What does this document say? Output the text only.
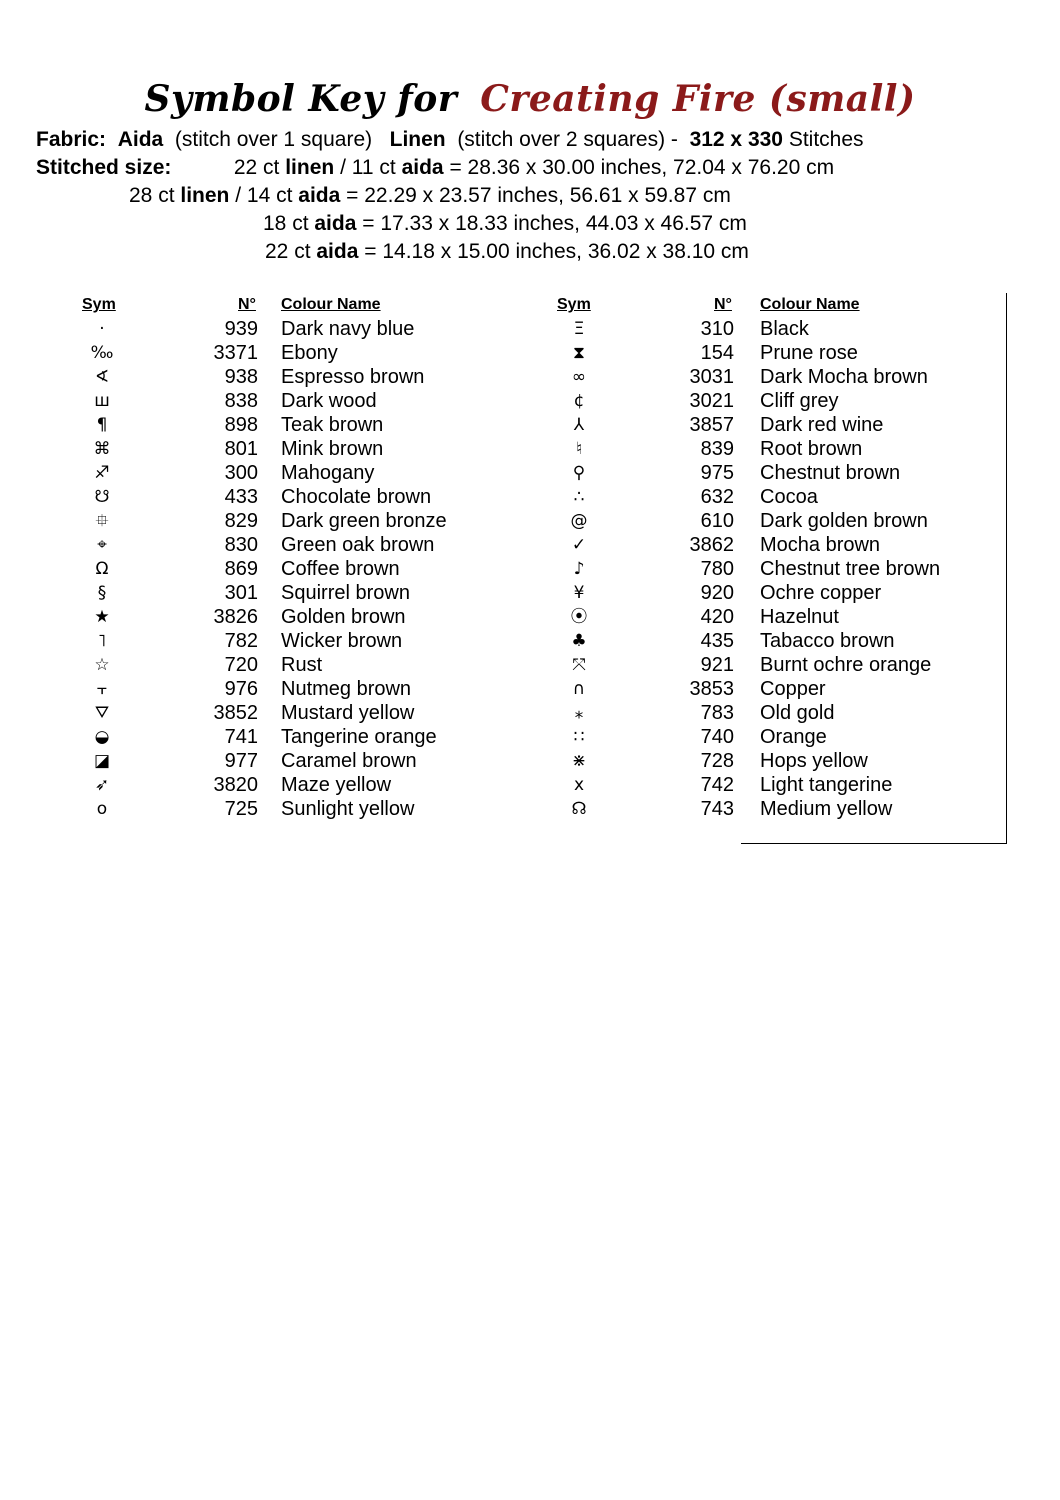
Symbol Key for Creating Fire (small)
Fabric: Aida (stitch over 1 square) Linen (stitch over 2 squares) - 312 x 330 Stitches
Stitched size:	22 ct linen / 11 ct aida = 28.36 x 30.00 inches, 72.04 x 76.20 cm
28 ct linen / 14 ct aida = 22.29 x 23.57 inches, 56.61 x 59.87 cm
18 ct aida = 17.33 x 18.33 inches, 44.03 x 46.57 cm
22 ct aida = 14.18 x 15.00 inches, 36.02 x 38.10 cm
Sym	N° Colour Name
·	939 Dark navy blue
‰	3371 Ebony
∢	938 Espresso brown
ш	838 Dark wood
¶	898 Teak brown
⌘	801 Mink brown
♐	300 Mahogany
☋	433 Chocolate brown
⯐	829 Dark green bronze
⌖	830 Green oak brown
Ω	869 Coffee brown
§	301 Squirrel brown
★	3826 Golden brown
˥	782 Wicker brown
☆	720 Rust
⫟	976 Nutmeg brown
⛛	3852 Mustard yellow
◒	741 Tangerine orange
◪	977 Caramel brown
➶	3820 Maze yellow
o	725 Sunlight yellow
Sym	N°	Colour Name
Ξ	310 Black
⧗	154 Prune rose
∞	3031 Dark Mocha brown
¢	3021 Cliff grey
⅄	3857 Dark red wine
♮	839 Root brown
⚲	975 Chestnut brown
∴	632 Cocoa
@	610 Dark golden brown
✓	3862 Mocha brown
♪	780 Chestnut tree brown
¥	920 Ochre copper
⦿	420 Hazelnut
♣	435 Tabacco brown
⤧	921 Burnt ochre orange
∩	3853 Copper
⁎	783 Old gold
∷	740 Orange
⋇	728 Hops yellow
x	742 Light tangerine
☊	743 Medium yellow
